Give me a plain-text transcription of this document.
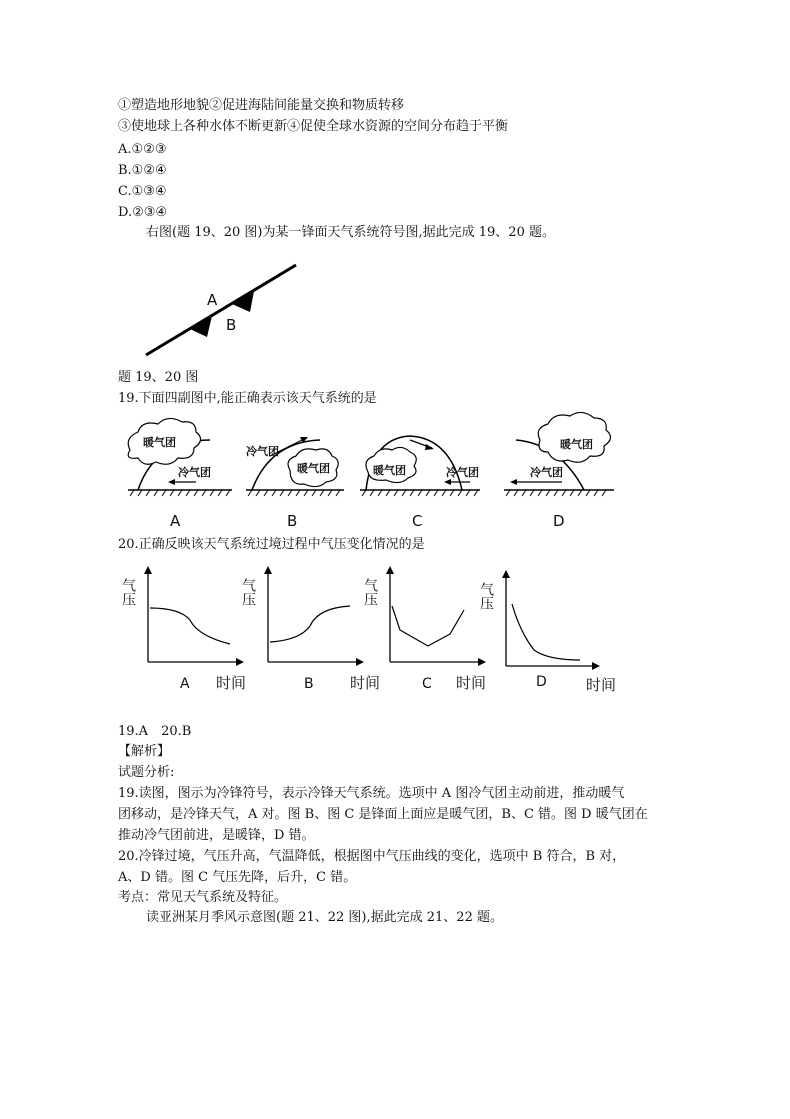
①塑造地形地貌②促进海陆间能量交换和物质转移
③使地球上各种水体不断更新④促使全球水资源的空间分布趋于平衡
A.①②③
B.①②④
C.①③④
D.②③④
右图(题 19、20 图)为某一锋面天气系统符号图,据此完成 19、20 题。
A
B
题 19、20 图
19.下面四副图中,能正确表示该天气系统的是
暖气团
冷气团
A
冷气团
暖气团
B
暖气团	冷气团
C
暖气团
冷气团
D
20.正确反映该天气系统过境过程中气压变化情况的是
气压
A 时间
气压
B 时间
气压
C 时间
气压
D	时间
19.A　20.B
【解析】
试题分析:
19.读图，图示为冷锋符号，表示冷锋天气系统。选项中 A 图冷气团主动前进，推动暖气
团移动，是冷锋天气，A 对。图 B、图 C 是锋面上面应是暖气团，B、C 错。图 D 暖气团在
推动冷气团前进，是暖锋，D 错。
20.冷锋过境，气压升高，气温降低，根据图中气压曲线的变化，选项中 B 符合，B 对，
A、D 错。图 C 气压先降，后升，C 错。
考点：常见天气系统及特征。
读亚洲某月季风示意图(题 21、22 图),据此完成 21、22 题。
